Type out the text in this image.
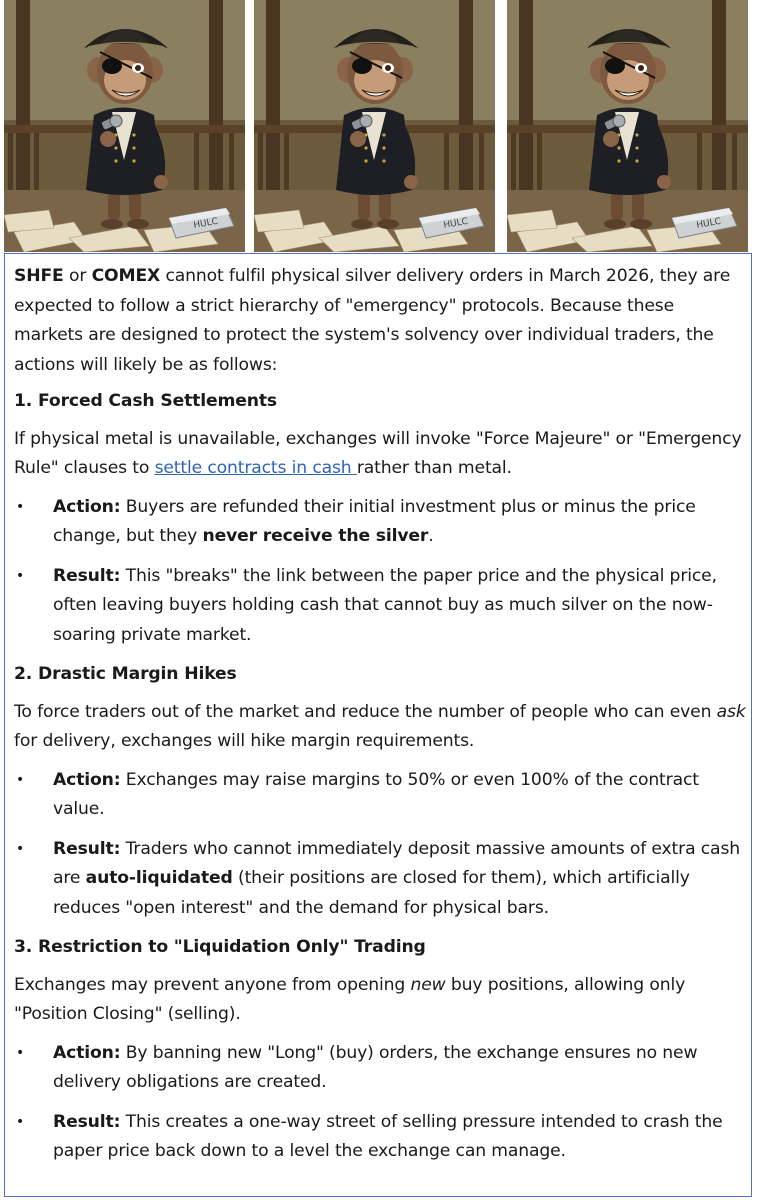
SHFE or COMEX cannot fulfil physical silver delivery orders in March 2026, they are expected to follow a strict hierarchy of "emergency" protocols. Because these markets are designed to protect the system's solvency over individual traders, the actions will likely be as follows:

1. Forced Cash Settlements

If physical metal is unavailable, exchanges will invoke "Force Majeure" or "Emergency Rule" clauses to settle contracts in cash rather than metal.

• Action: Buyers are refunded their initial investment plus or minus the price change, but they never receive the silver.
• Result: This "breaks" the link between the paper price and the physical price, often leaving buyers holding cash that cannot buy as much silver on the now-soaring private market.
2. Drastic Margin Hikes

To force traders out of the market and reduce the number of people who can even ask for delivery, exchanges will hike margin requirements.

• Action: Exchanges may raise margins to 50% or even 100% of the contract value.
• Result: Traders who cannot immediately deposit massive amounts of extra cash are auto-liquidated (their positions are closed for them), which artificially reduces "open interest" and the demand for physical bars.
3. Restriction to "Liquidation Only" Trading

Exchanges may prevent anyone from opening new buy positions, allowing only "Position Closing" (selling).

• Action: By banning new "Long" (buy) orders, the exchange ensures no new delivery obligations are created.
• Result: This creates a one-way street of selling pressure intended to crash the paper price back down to a level the exchange can manage.
